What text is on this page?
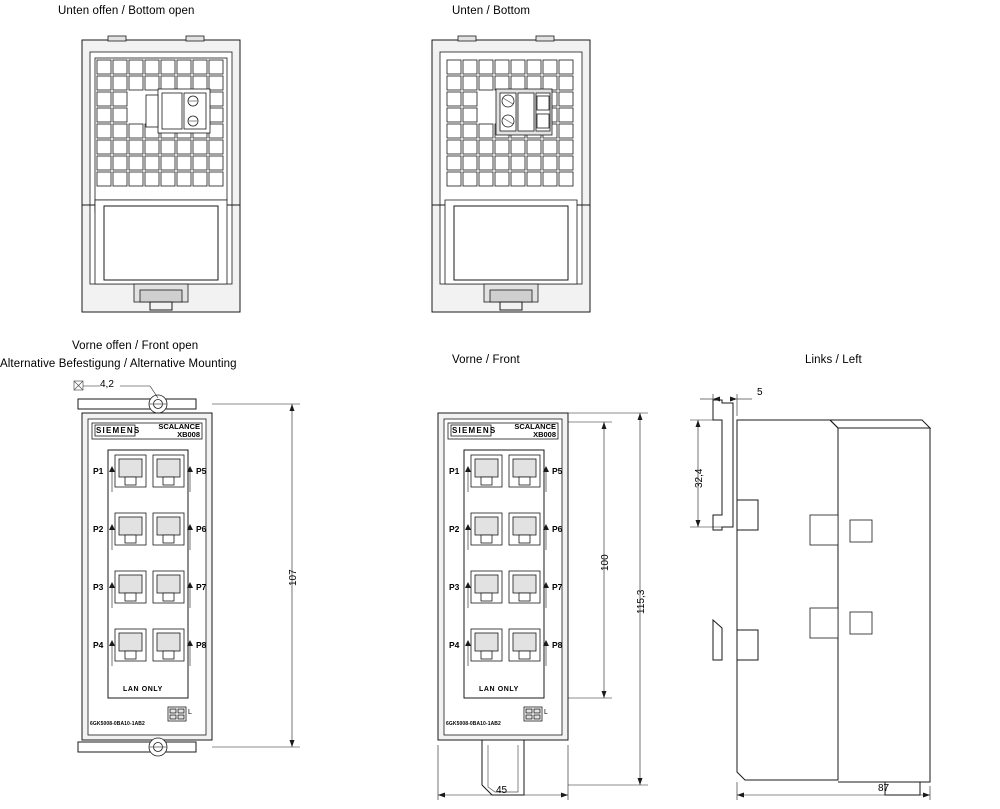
Unten offen / Bottom open	Unten / Bottom
Vorne offen / Front open
Alternative Befestigung / Alternative Mounting	Vorne / Front	Links / Left
SIEMENS	SCALANCE
XB008
P1
P2
P3
P4
P5
P6
P7
P8
LAN ONLY
6GK5008-0BA10-1AB2
L
4,2
107
SIEMENS	SCALANCE
XB008
P1
P2
P3
P4
P5
P6
P7
P8
LAN ONLY
6GK5008-0BA10-1AB2
L
100
115,3
45
5
32,4
87
